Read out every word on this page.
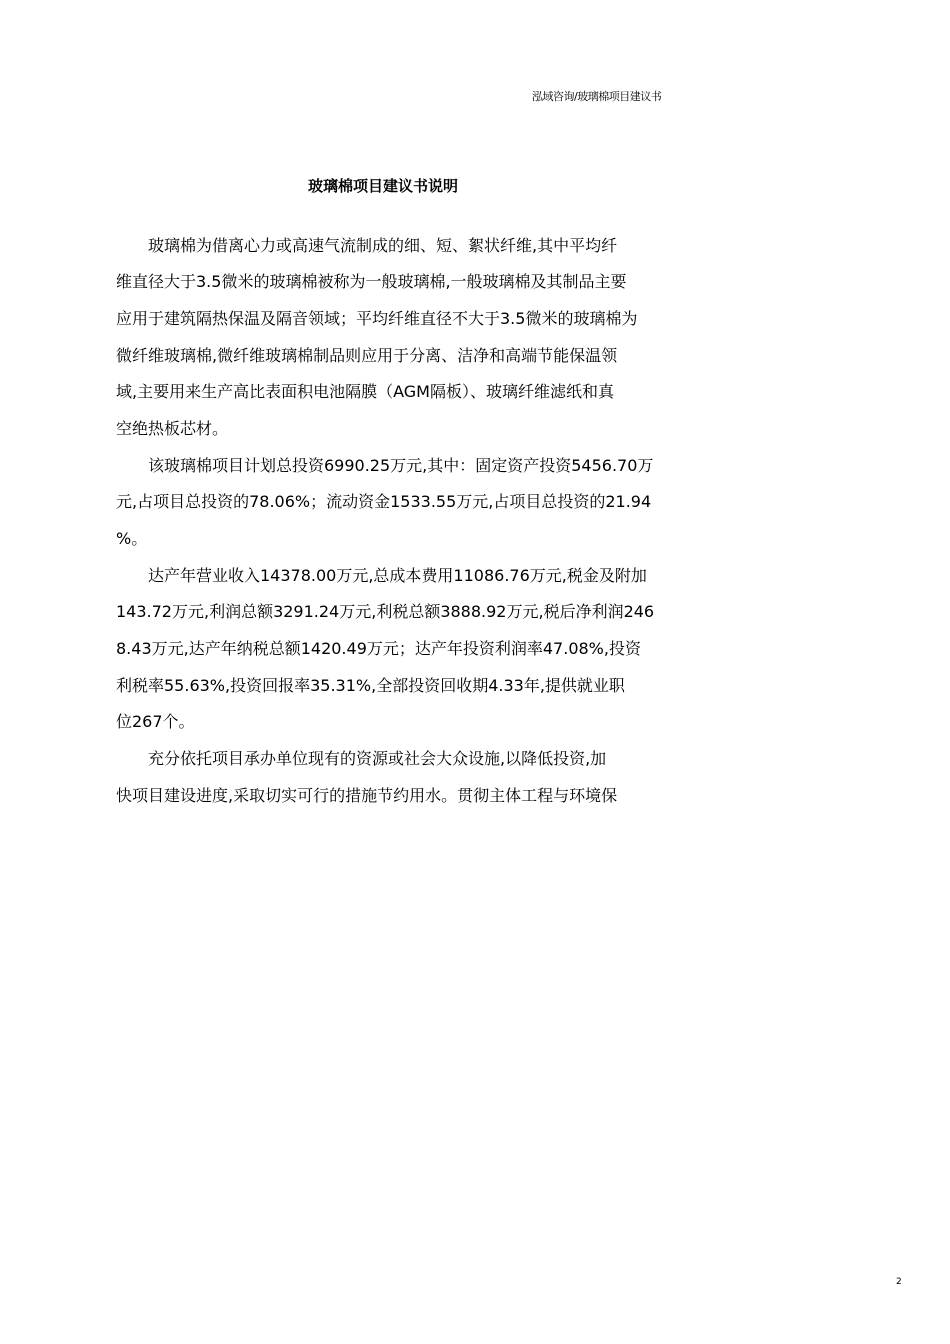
泓域咨询/玻璃棉项目建议书
玻璃棉项目建议书说明
　　玻璃棉为借离心力或高速气流制成的细、短、絮状纤维,其中平均纤
维直径大于3.5微米的玻璃棉被称为一般玻璃棉,一般玻璃棉及其制品主要
应用于建筑隔热保温及隔音领域；平均纤维直径不大于3.5微米的玻璃棉为
微纤维玻璃棉,微纤维玻璃棉制品则应用于分离、洁净和高端节能保温领
域,主要用来生产高比表面积电池隔膜（AGM隔板）、玻璃纤维滤纸和真
空绝热板芯材。
　　该玻璃棉项目计划总投资6990.25万元,其中：固定资产投资5456.70万
元,占项目总投资的78.06%；流动资金1533.55万元,占项目总投资的21.94
%。
　　达产年营业收入14378.00万元,总成本费用11086.76万元,税金及附加
143.72万元,利润总额3291.24万元,利税总额3888.92万元,税后净利润246
8.43万元,达产年纳税总额1420.49万元；达产年投资利润率47.08%,投资
利税率55.63%,投资回报率35.31%,全部投资回收期4.33年,提供就业职
位267个。
　　充分依托项目承办单位现有的资源或社会大众设施,以降低投资,加
快项目建设进度,采取切实可行的措施节约用水。贯彻主体工程与环境保
2
